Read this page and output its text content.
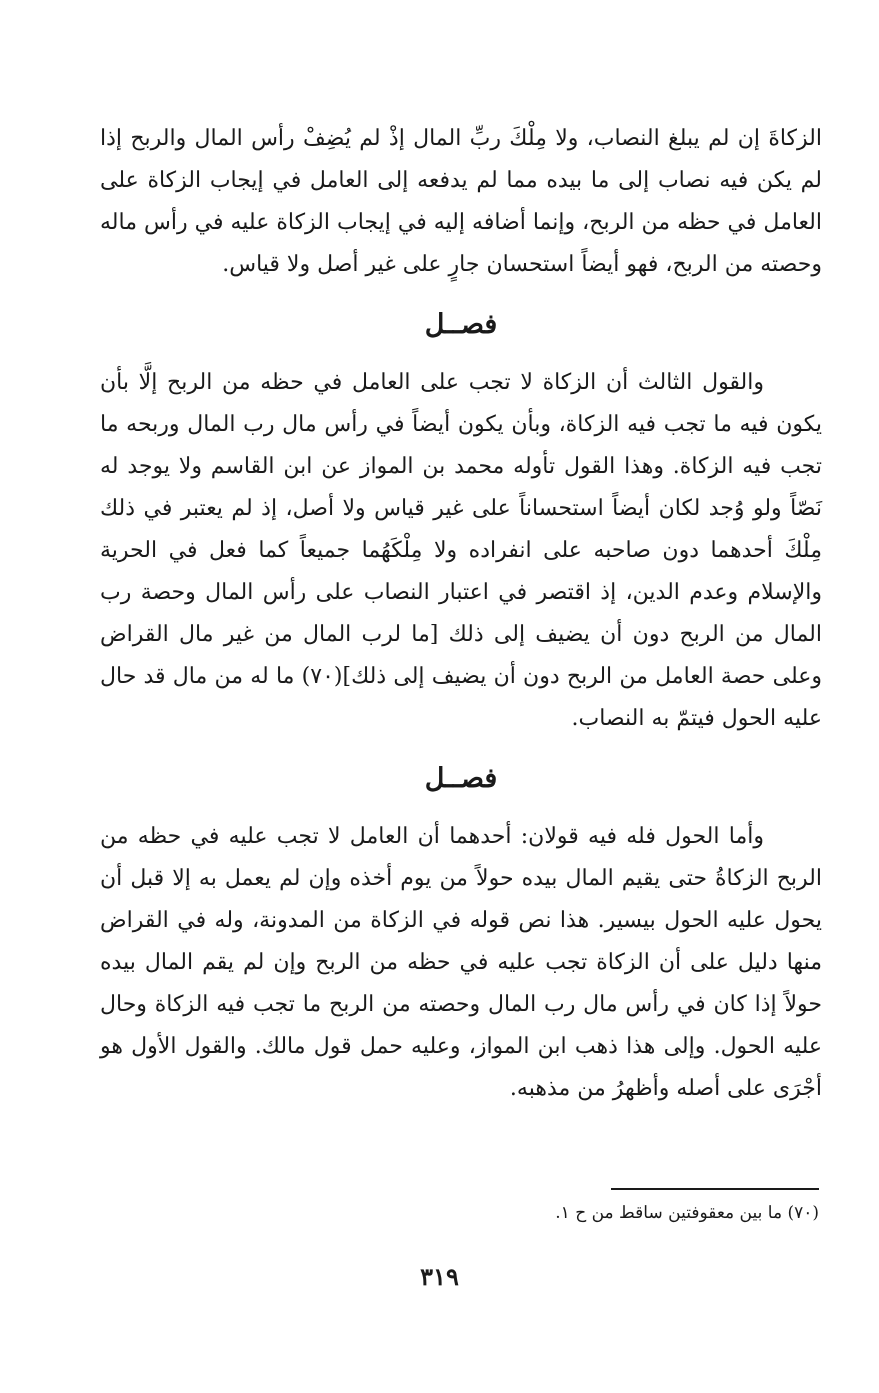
الزكاةَ إن لم يبلغ النصاب، ولا مِلْكَ ربِّ المال إذْ لم يُضِفْ رأس المال والربح إذا لم يكن فيه نصاب إلى ما بيده مما لم يدفعه إلى العامل في إيجاب الزكاة على العامل في حظه من الربح، وإنما أضافه إليه في إيجاب الزكاة عليه في رأس ماله وحصته من الربح، فهو أيضاً استحسان جارٍ على غير أصل ولا قياس.

فصــل

والقول الثالث أن الزكاة لا تجب على العامل في حظه من الربح إلَّا بأن يكون فيه ما تجب فيه الزكاة، وبأن يكون أيضاً في رأس مال رب المال وربحه ما تجب فيه الزكاة. وهذا القول تأوله محمد بن المواز عن ابن القاسم ولا يوجد له نَصّاً ولو وُجد لكان أيضاً استحساناً على غير قياس ولا أصل، إذ لم يعتبر في ذلك مِلْكَ أحدهما دون صاحبه على انفراده ولا مِلْكَهُما جميعاً كما فعل في الحرية والإسلام وعدم الدين، إذ اقتصر في اعتبار النصاب على رأس المال وحصة رب المال من الربح دون أن يضيف إلى ذلك [ما لرب المال من غير مال القراض وعلى حصة العامل من الربح دون أن يضيف إلى ذلك](٧٠) ما له من مال قد حال عليه الحول فيتمّ به النصاب.

فصــل

وأما الحول فله فيه قولان: أحدهما أن العامل لا تجب عليه في حظه من الربح الزكاةُ حتى يقيم المال بيده حولاً من يوم أخذه وإن لم يعمل به إلا قبل أن يحول عليه الحول بيسير. هذا نص قوله في الزكاة من المدونة، وله في القراض منها دليل على أن الزكاة تجب عليه في حظه من الربح وإن لم يقم المال بيده حولاً إذا كان في رأس مال رب المال وحصته من الربح ما تجب فيه الزكاة وحال عليه الحول. وإلى هذا ذهب ابن المواز، وعليه حمل قول مالك. والقول الأول هو أجْرَى على أصله وأظهرُ من مذهبه.

(٧٠) ما بين معقوفتين ساقط من ح ١.

٣١٩
